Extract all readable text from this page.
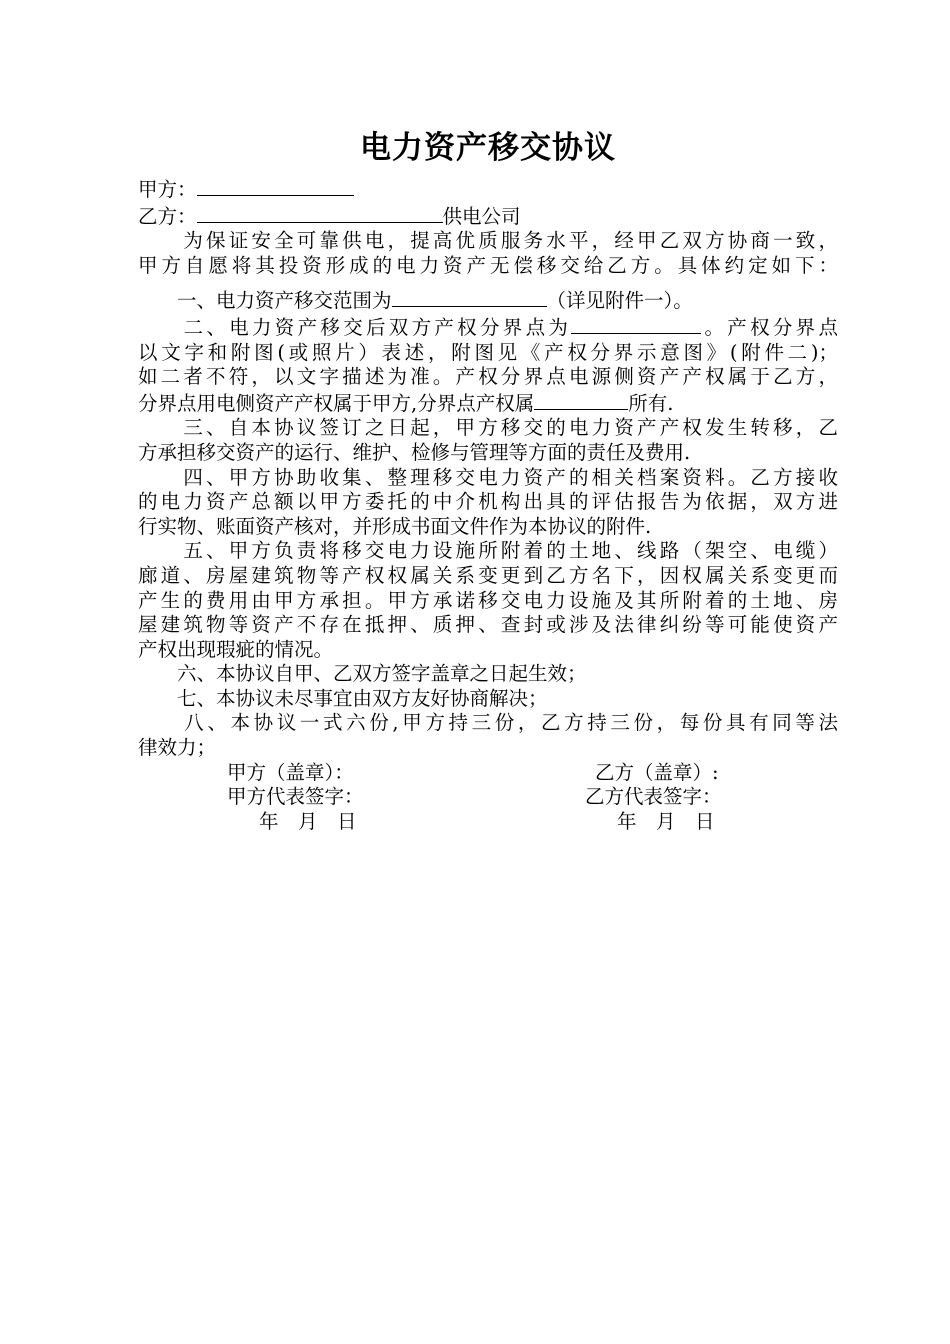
电力资产移交协议
甲方：
乙方：	供电公司
　　为保证安全可靠供电，提高优质服务水平，经甲乙双方协商一致，
甲方自愿将其投资形成的电力资产无偿移交给乙方。具体约定如下：
　　一、电力资产移交范围为	（详见附件一）。
　　二、电力资产移交后双方产权分界点为	。产权分界点
以文字和附图(或照片）表述，附图见《产权分界示意图》(附件二)；
如二者不符，以文字描述为准。产权分界点电源侧资产产权属于乙方，
分界点用电侧资产产权属于甲方,分界点产权属	所有.
　　三、自本协议签订之日起，甲方移交的电力资产产权发生转移，乙
方承担移交资产的运行、维护、检修与管理等方面的责任及费用.
　　四、甲方协助收集、整理移交电力资产的相关档案资料。乙方接收
的电力资产总额以甲方委托的中介机构出具的评估报告为依据，双方进
行实物、账面资产核对，并形成书面文件作为本协议的附件.
　　五、甲方负责将移交电力设施所附着的土地、线路（架空、电缆）
廊道、房屋建筑物等产权权属关系变更到乙方名下，因权属关系变更而
产生的费用由甲方承担。甲方承诺移交电力设施及其所附着的土地、房
屋建筑物等资产不存在抵押、质押、查封或涉及法律纠纷等可能使资产
产权出现瑕疵的情况。
　　六、本协议自甲、乙双方签字盖章之日起生效；
　　七、本协议未尽事宜由双方友好协商解决；
　　八、本协议一式六份,甲方持三份，乙方持三份，每份具有同等法
律效力；
甲方（盖章）：	乙方（盖章）:
甲方代表签字：	乙方代表签字：
年　月　日	年　月　日
